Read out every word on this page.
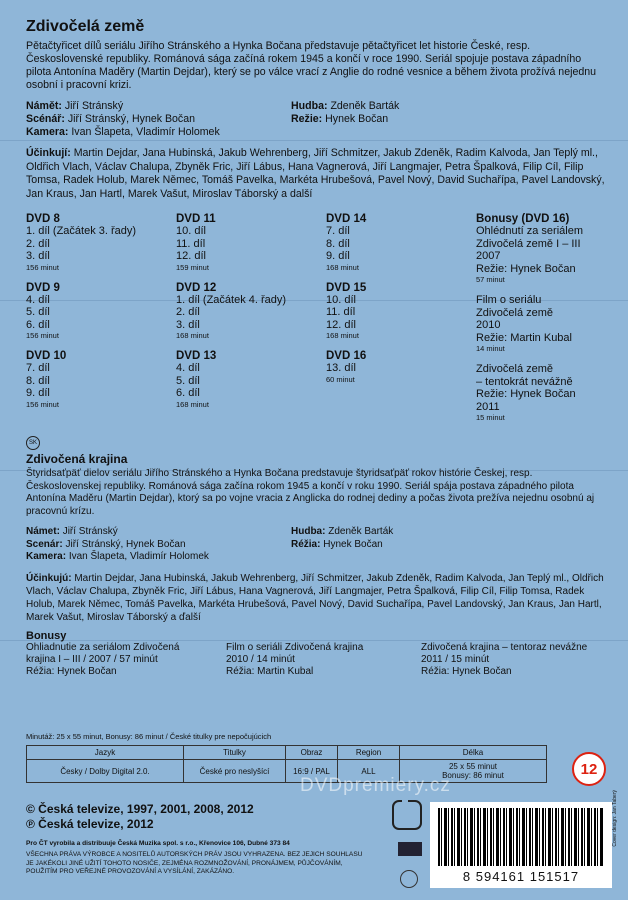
Zdivočelá země

Pětačtyřicet dílů seriálu Jiřího Stránského a Hynka Bočana představuje pětačtyřicet let historie České, resp. Československé republiky. Románová sága začíná rokem 1945 a končí v roce 1990. Seriál spojuje postava západního pilota Antonína Maděry (Martin Dejdar), který se po válce vrací z Anglie do rodné vesnice a během života prožívá nejednu osobní i pracovní krizi.

Námět: Jiří Stránský	Hudba: Zdeněk Barták
Scénář: Jiří Stránský, Hynek Bočan	Režie: Hynek Bočan
Kamera: Ivan Šlapeta, Vladimír Holomek
Účinkují: Martin Dejdar, Jana Hubinská, Jakub Wehrenberg, Jiří Schmitzer, Jakub Zdeněk, Radim Kalvoda, Jan Teplý ml., Oldřich Vlach, Václav Chalupa, Zbyněk Fric, Jiří Lábus, Hana Vagnerová, Jiří Langmajer, Petra Špalková, Filip Cíl, Filip Tomsa, Radek Holub, Marek Němec, Tomáš Pavelka, Markéta Hrubešová, Pavel Nový, David Suchařípa, Pavel Landovský, Jan Kraus, Jan Hartl, Marek Vašut, Miroslav Táborský a další
DVD 8
1. díl (Začátek 3. řady)
2. díl
3. díl
156 minut
DVD 9
4. díl
5. díl
6. díl
156 minut
DVD 10
7. díl
8. díl
9. díl
156 minut
DVD 11
10. díl
11. díl
12. díl
159 minut
DVD 12
1. díl (Začátek 4. řady)
2. díl
3. díl
168 minut
DVD 13
4. díl
5. díl
6. díl
168 minut
DVD 14
7. díl
8. díl
9. díl
168 minut
DVD 15
10. díl
11. díl
12. díl
168 minut
DVD 16
13. díl
60 minut
Bonusy (DVD 16)
Ohlédnutí za seriálem
Zdivočelá země I – III
2007
Režie: Hynek Bočan
57 minut
Film o seriálu
Zdivočelá země
2010
Režie: Martin Kubal
14 minut
Zdivočelá země
– tentokrát nevážně
Režie: Hynek Bočan
2011
15 minut
SK
Zdivočená krajina

Štyridsaťpäť dielov seriálu Jiřího Stránského a Hynka Bočana predstavuje štyridsaťpäť rokov histórie Českej, resp. Československej republiky. Románová sága začína rokom 1945 a končí v roku 1990. Seriál spája postava západného pilota Antonína Maděru (Martin Dejdar), ktorý sa po vojne vracia z Anglicka do rodnej dediny a počas života prežíva nejednu osobnú aj pracovnú krízu.

Námet: Jiří Stránský	Hudba: Zdeněk Barták
Scenár: Jiří Stránský, Hynek Bočan	Réžia: Hynek Bočan
Kamera: Ivan Šlapeta, Vladimír Holomek
Účinkujú: Martin Dejdar, Jana Hubinská, Jakub Wehrenberg, Jiří Schmitzer, Jakub Zdeněk, Radim Kalvoda, Jan Teplý ml., Oldřich Vlach, Václav Chalupa, Zbyněk Fric, Jiří Lábus, Hana Vagnerová, Jiří Langmajer, Petra Špalková, Filip Cíl, Filip Tomsa, Radek Holub, Marek Němec, Tomáš Pavelka, Markéta Hrubešová, Pavel Nový, David Suchařípa, Pavel Landovský, Jan Kraus, Jan Hartl, Marek Vašut, Miroslav Táborský a ďalší
Bonusy
Ohliadnutie za seriálom Zdivočená	Film o seriáli Zdivočená krajina	Zdivočená krajina – tentoraz nevážne
krajina I – III / 2007 / 57 minút	2010 / 14 minút	2011 / 15 minút
Réžia: Hynek Bočan	Réžia: Martin Kubal	Réžia: Hynek Bočan
Minutáž: 25 x 55 minut, Bonusy: 86 minut / České titulky pre nepočujúcich
Jazyk	Titulky	Obraz	Region	Délka
Česky / Dolby Digital 2.0.	České pro neslyšící	16:9 / PAL	ALL	25 x 55 minut
Bonusy: 86 minut	12
DVDpremiery.cz
© Česká televize, 1997, 2001, 2008, 2012
℗ Česká televize, 2012
Pro ČT vyrobila a distribuuje Česká Muzika spol. s r.o., Křenovice 106, Dubné 373 84
VŠECHNA PRÁVA VÝROBCE A NOSITELŮ AUTORSKÝCH PRÁV JSOU VYHRAZENA. BEZ JEJICH SOUHLASU JE JAKÉKOLI JINÉ UŽITÍ TOHOTO NOSIČE, ZEJMÉNA ROZMNOŽOVÁNÍ, PRONÁJMEM, PŮJČOVÁNÍM, POUŽITÍM PRO VEŘEJNÉ PROVOZOVÁNÍ A VYSÍLÁNÍ, ZAKÁZÁNO.	8 594161 151517
Cover design: Jan Taberý
